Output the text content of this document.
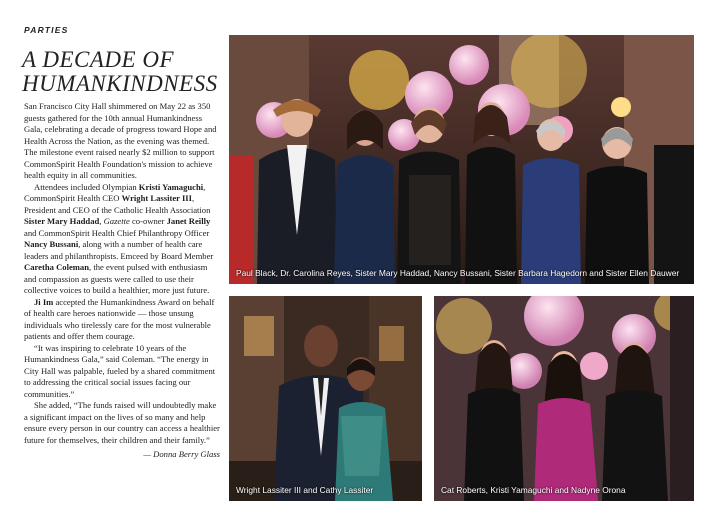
PARTIES
A DECADE OF HUMANKINDNESS

San Francisco City Hall shimmered on May 22 as 350 guests gathered for the 10th annual Humankindness Gala, celebrating a decade of progress toward Hope and Health Across the Nation, as the evening was themed. The milestone event raised nearly $2 million to support CommonSpirit Health Foundation's mission to achieve health equity in all communities.

Attendees included Olympian Kristi Yamaguchi, CommonSpirit Health CEO Wright Lassiter III, President and CEO of the Catholic Health Association Sister Mary Haddad, Gazette co-owner Janet Reilly and CommonSpirit Health Chief Philanthropy Officer Nancy Bussani, along with a number of health care leaders and philanthropists. Emceed by Board Member Caretha Coleman, the event pulsed with enthusiasm and compassion as guests were called to use their collective voices to build a healthier, more just future.

Ji Im accepted the Humankindness Award on behalf of health care heroes nationwide — those unsung individuals who tirelessly care for the most vulnerable patients and offer them courage.

“It was inspiring to celebrate 10 years of the Humankindness Gala,” said Coleman. “The energy in City Hall was palpable, fueled by a shared commitment to addressing the critical social issues facing our communities.”

She added, “The funds raised will undoubtedly make a significant impact on the lives of so many and help ensure every person in our country can access a healthier future for themselves, their children and their family.”

— Donna Berry Glass
Paul Black, Dr. Carolina Reyes, Sister Mary Haddad, Nancy Bussani, Sister Barbara Hagedorn and Sister Ellen Dauwer
Wright Lassiter III and Cathy Lassiter	Cat Roberts, Kristi Yamaguchi and Nadyne Orona
